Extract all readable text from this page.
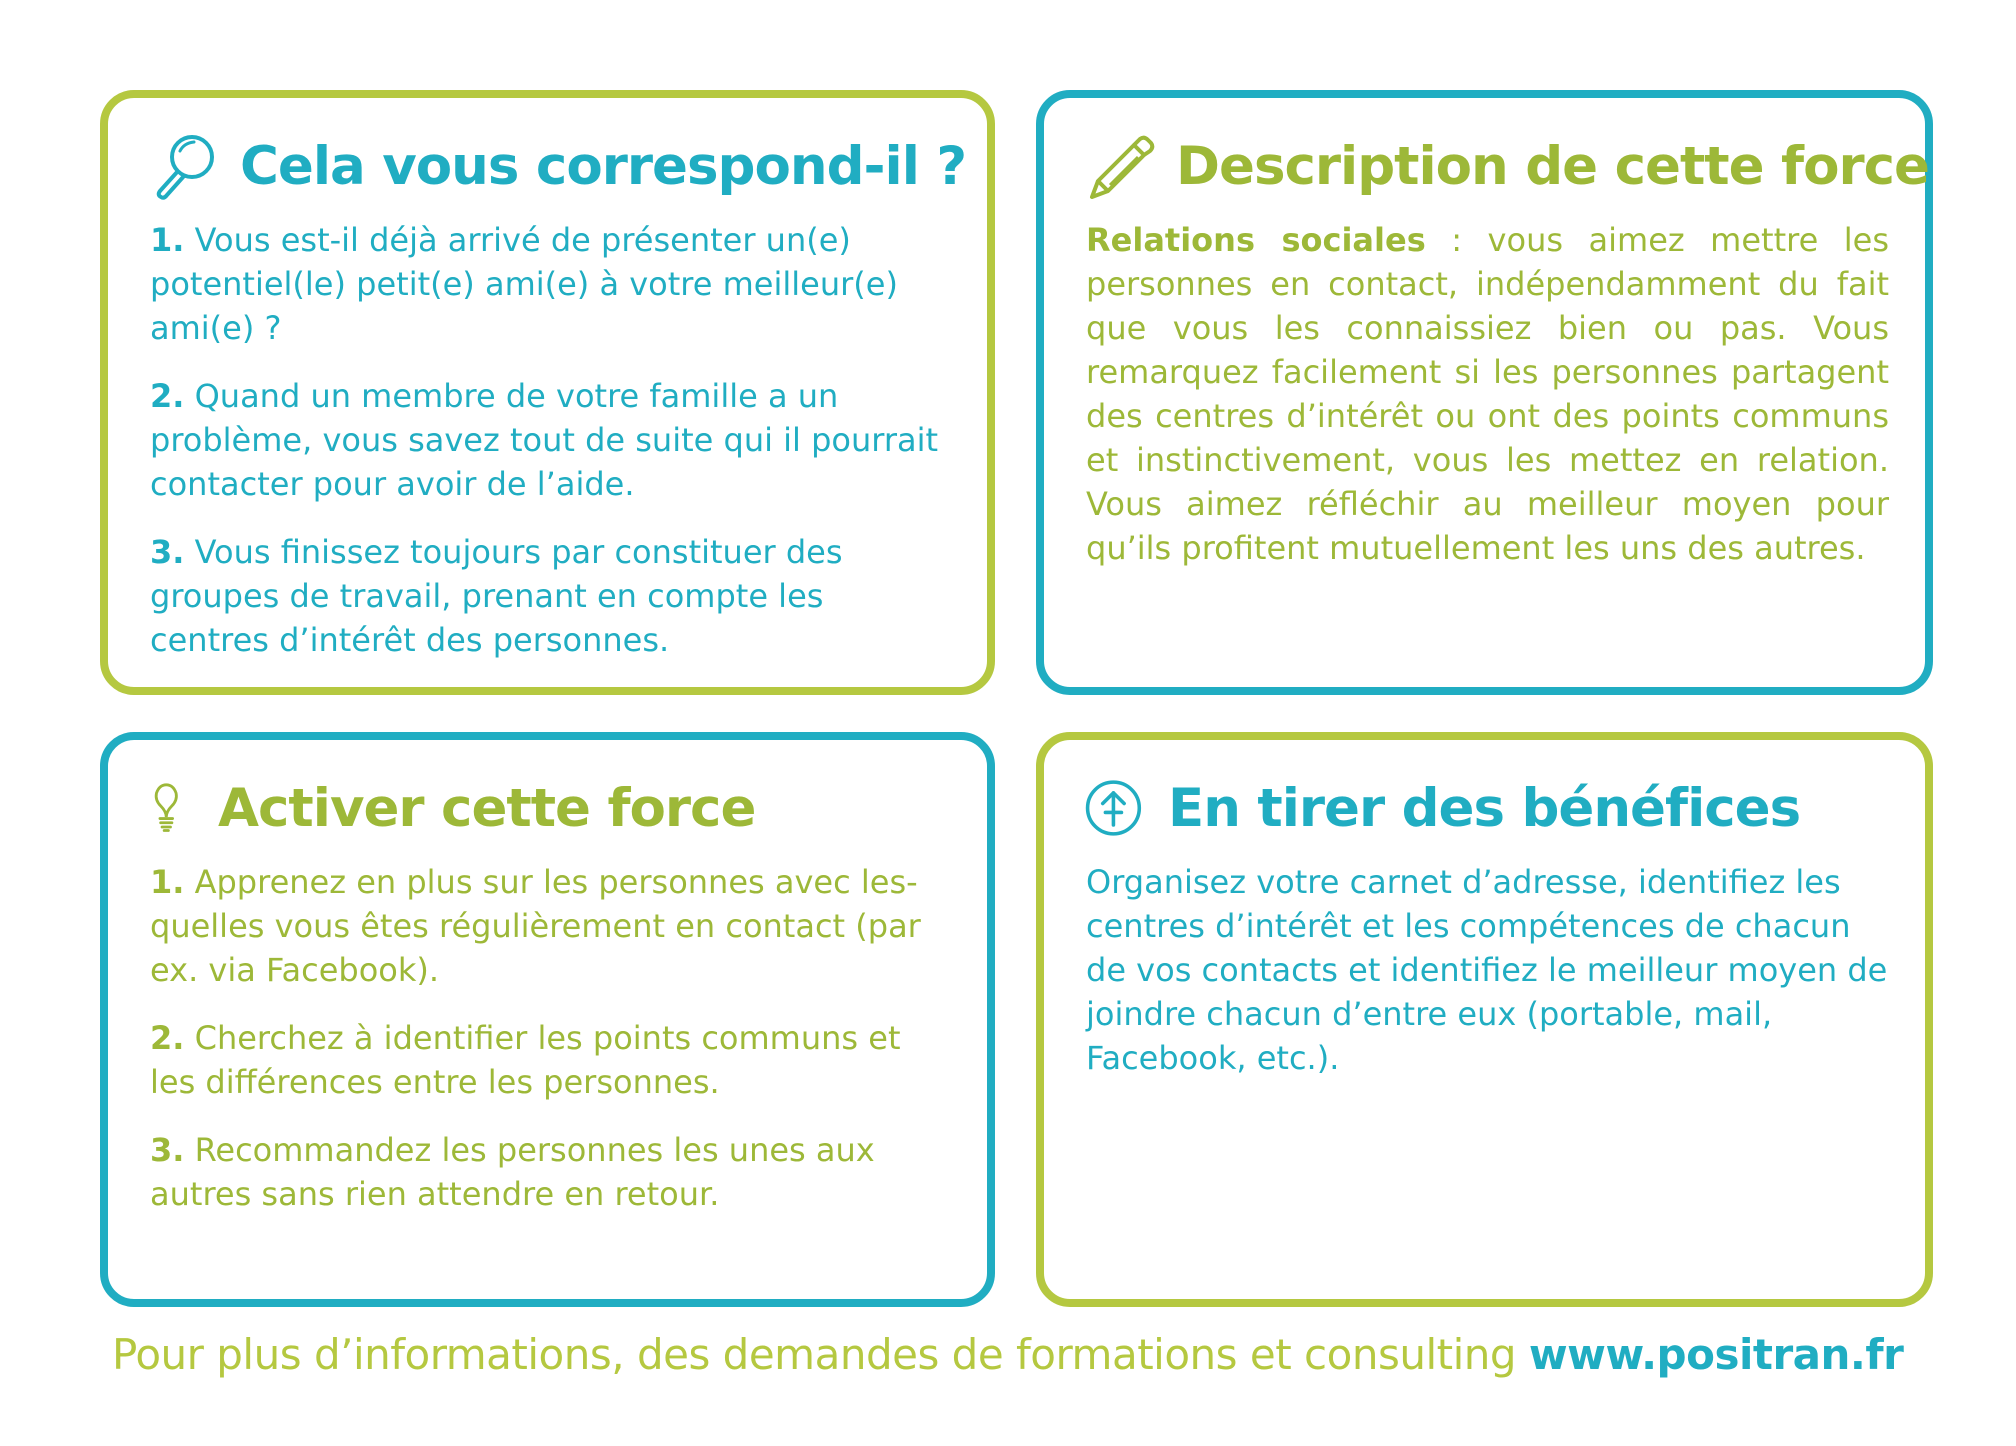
Cela vous correspond-il ?
1. Vous est-il déjà arrivé de présenter un(e) potentiel(le) petit(e) ami(e) à votre meilleur(e) ami(e) ?
2. Quand un membre de votre famille a un problème, vous savez tout de suite qui il pourrait contacter pour avoir de l’aide.
3. Vous finissez toujours par constituer des groupes de travail, prenant en compte les centres d’intérêt des personnes.
Description de cette force
Relations sociales : vous aimez mettre les personnes en contact, indépendamment du fait que vous les connaissiez bien ou pas. Vous remarquez facilement si les personnes partagent des centres d’intérêt ou ont des points communs et instinctivement, vous les mettez en relation. Vous aimez réfléchir au meilleur moyen pour qu’ils profitent mutuellement les uns des autres.
Activer cette force
1. Apprenez en plus sur les personnes avec les-quelles vous êtes régulièrement en contact (par ex. via Facebook).
2. Cherchez à identifier les points communs et les différences entre les personnes.
3. Recommandez les personnes les unes aux autres sans rien attendre en retour.
En tirer des bénéfices
Organisez votre carnet d’adresse, identifiez les centres d’intérêt et les compétences de chacun de vos contacts et identifiez le meilleur moyen de joindre chacun d’entre eux (portable, mail, Facebook, etc.).
Pour plus d’informations, des demandes de formations et consulting www.positran.fr
